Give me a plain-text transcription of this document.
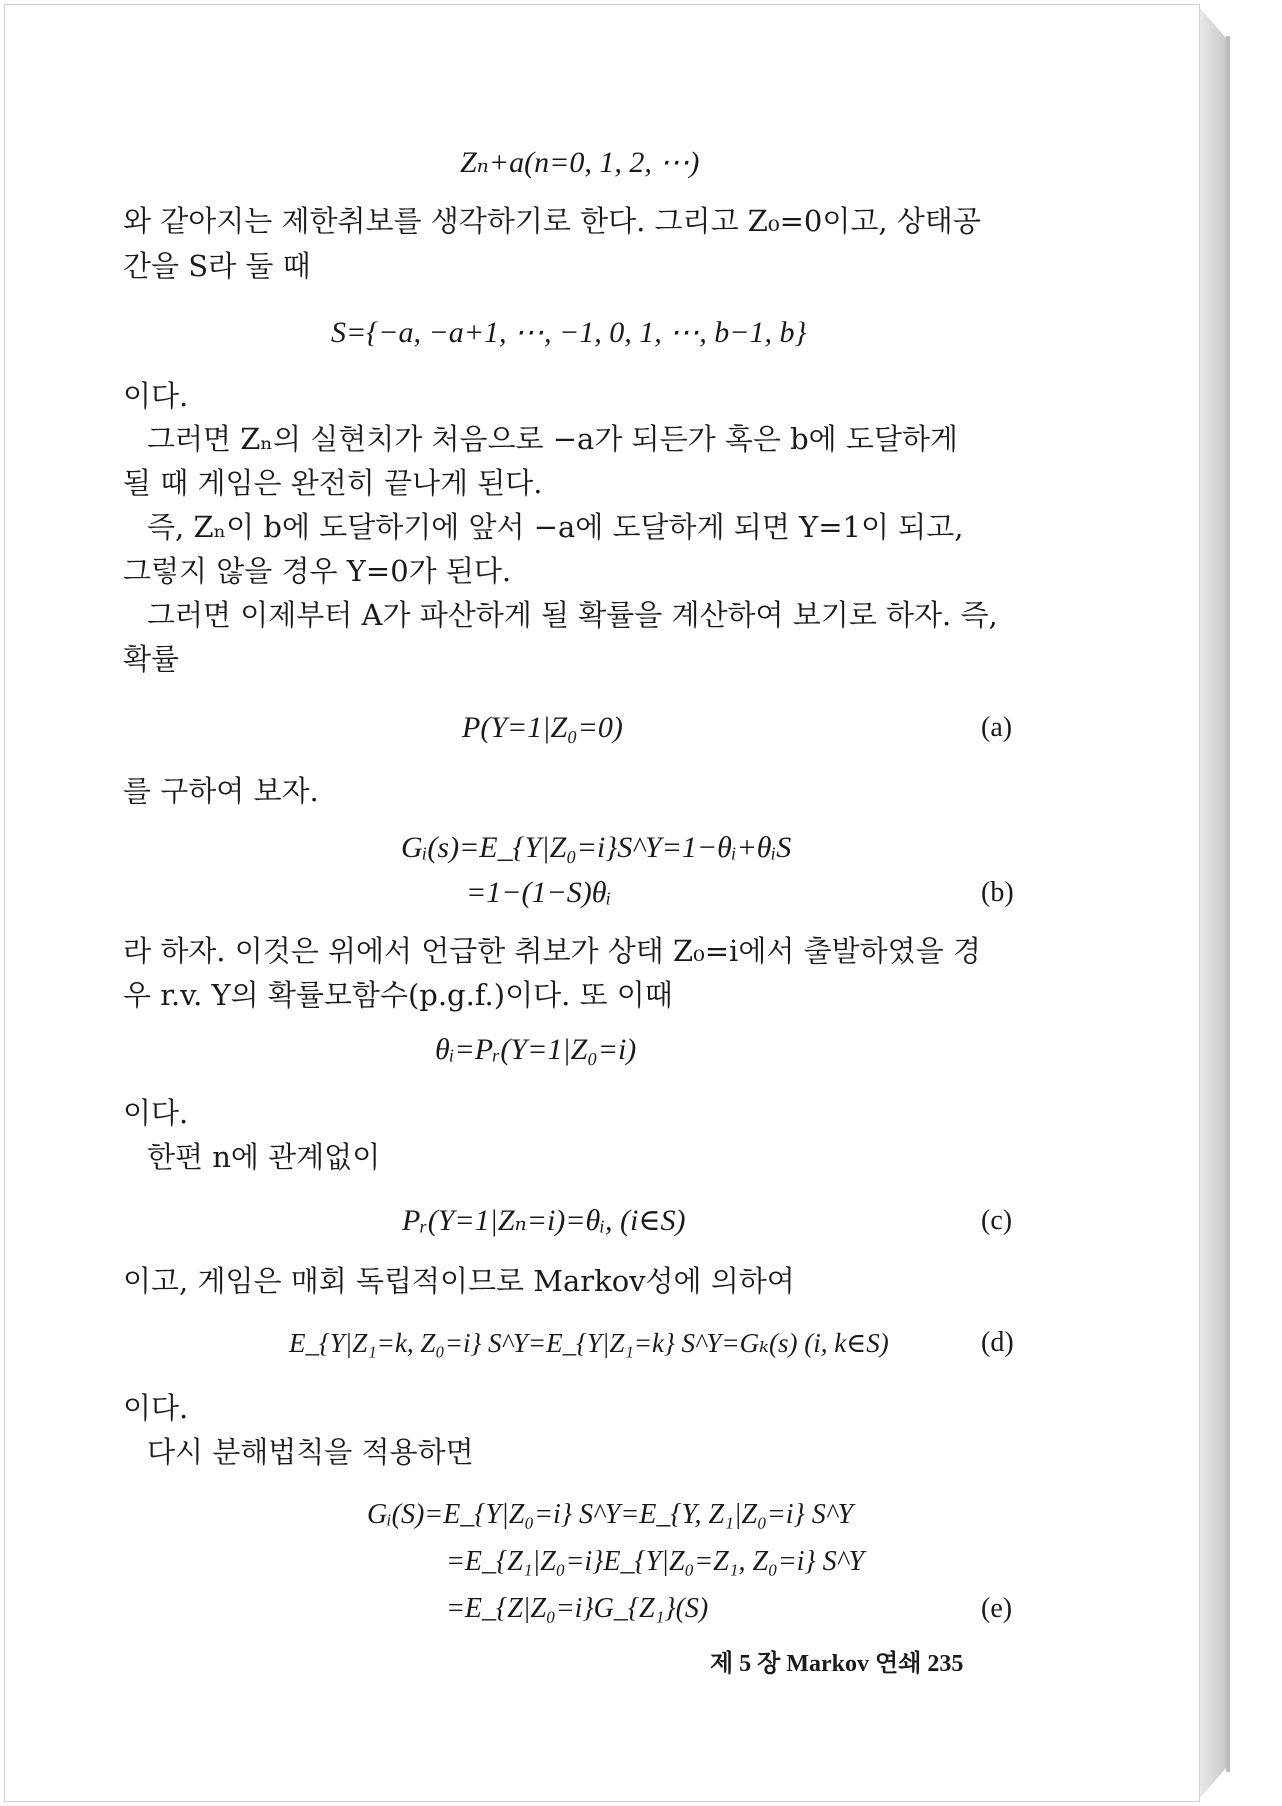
Zₙ+a(n=0, 1, 2, ⋯)
와 같아지는 제한취보를 생각하기로 한다. 그리고 Z₀=0이고, 상태공
간을 S라 둘 때
S={−a, −a+1, ⋯, −1, 0, 1, ⋯, b−1, b}
이다.
그러면 Zₙ의 실현치가 처음으로 −a가 되든가 혹은 b에 도달하게
될 때 게임은 완전히 끝나게 된다.
즉, Zₙ이 b에 도달하기에 앞서 −a에 도달하게 되면 Y=1이 되고,
그렇지 않을 경우 Y=0가 된다.
그러면 이제부터 A가 파산하게 될 확률을 계산하여 보기로 하자. 즉,
확률
P(Y=1|Z₀=0)	(a)
를 구하여 보자.
Gᵢ(s)=E_{Y|Z₀=i}S^Y=1−θᵢ+θᵢS
=1−(1−S)θᵢ	(b)
라 하자. 이것은 위에서 언급한 취보가 상태 Z₀=i에서 출발하였을 경
우 r.v. Y의 확률모함수(p.g.f.)이다. 또 이때
θᵢ=Pᵣ(Y=1|Z₀=i)
이다.
한편 n에 관계없이
Pᵣ(Y=1|Zₙ=i)=θᵢ, (i∈S)	(c)
이고, 게임은 매회 독립적이므로 Markov성에 의하여
E_{Y|Z₁=k, Z₀=i} S^Y=E_{Y|Z₁=k} S^Y=Gₖ(s) (i, k∈S)	(d)
이다.
다시 분해법칙을 적용하면
Gᵢ(S)=E_{Y|Z₀=i} S^Y=E_{Y, Z₁|Z₀=i} S^Y
=E_{Z₁|Z₀=i}E_{Y|Z₀=Z₁, Z₀=i} S^Y
=E_{Z|Z₀=i}G_{Z₁}(S)	(e)
제 5 장 Markov 연쇄 235
